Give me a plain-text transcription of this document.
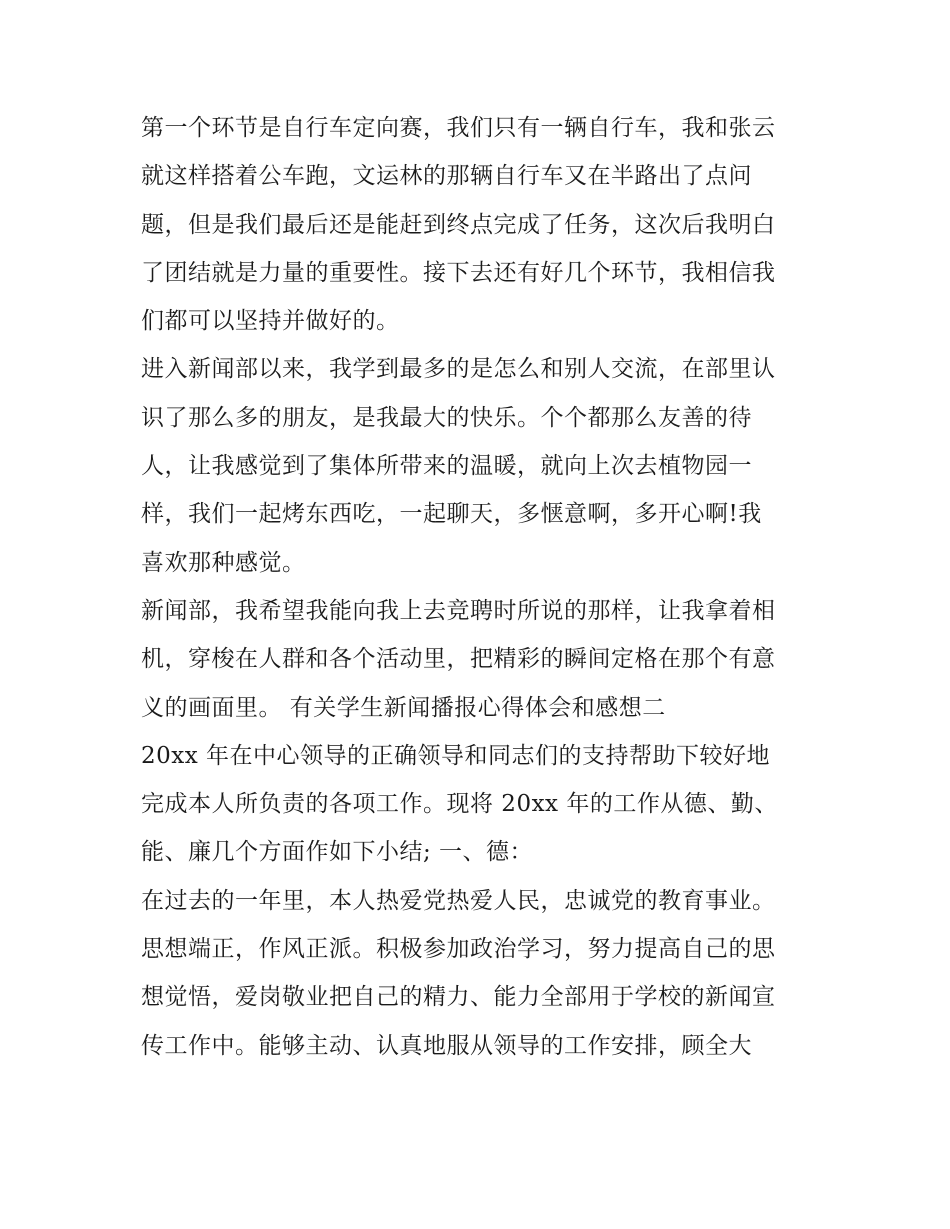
第一个环节是自行车定向赛，我们只有一辆自行车，我和张云
就这样搭着公车跑，文运林的那辆自行车又在半路出了点问
题，但是我们最后还是能赶到终点完成了任务，这次后我明白
了团结就是力量的重要性。接下去还有好几个环节，我相信我
们都可以坚持并做好的。
进入新闻部以来，我学到最多的是怎么和别人交流，在部里认
识了那么多的朋友，是我最大的快乐。个个都那么友善的待
人，让我感觉到了集体所带来的温暖，就向上次去植物园一
样，我们一起烤东西吃，一起聊天，多惬意啊，多开心啊!我
喜欢那种感觉。
新闻部，我希望我能向我上去竞聘时所说的那样，让我拿着相
机，穿梭在人群和各个活动里，把精彩的瞬间定格在那个有意
义的画面里。 有关学生新闻播报心得体会和感想二
20xx 年在中心领导的正确领导和同志们的支持帮助下较好地
完成本人所负责的各项工作。现将 20xx 年的工作从德、勤、
能、廉几个方面作如下小结; 一、德：
在过去的一年里，本人热爱党热爱人民，忠诚党的教育事业。
思想端正，作风正派。积极参加政治学习，努力提高自己的思
想觉悟，爱岗敬业把自己的精力、能力全部用于学校的新闻宣
传工作中。能够主动、认真地服从领导的工作安排，顾全大
